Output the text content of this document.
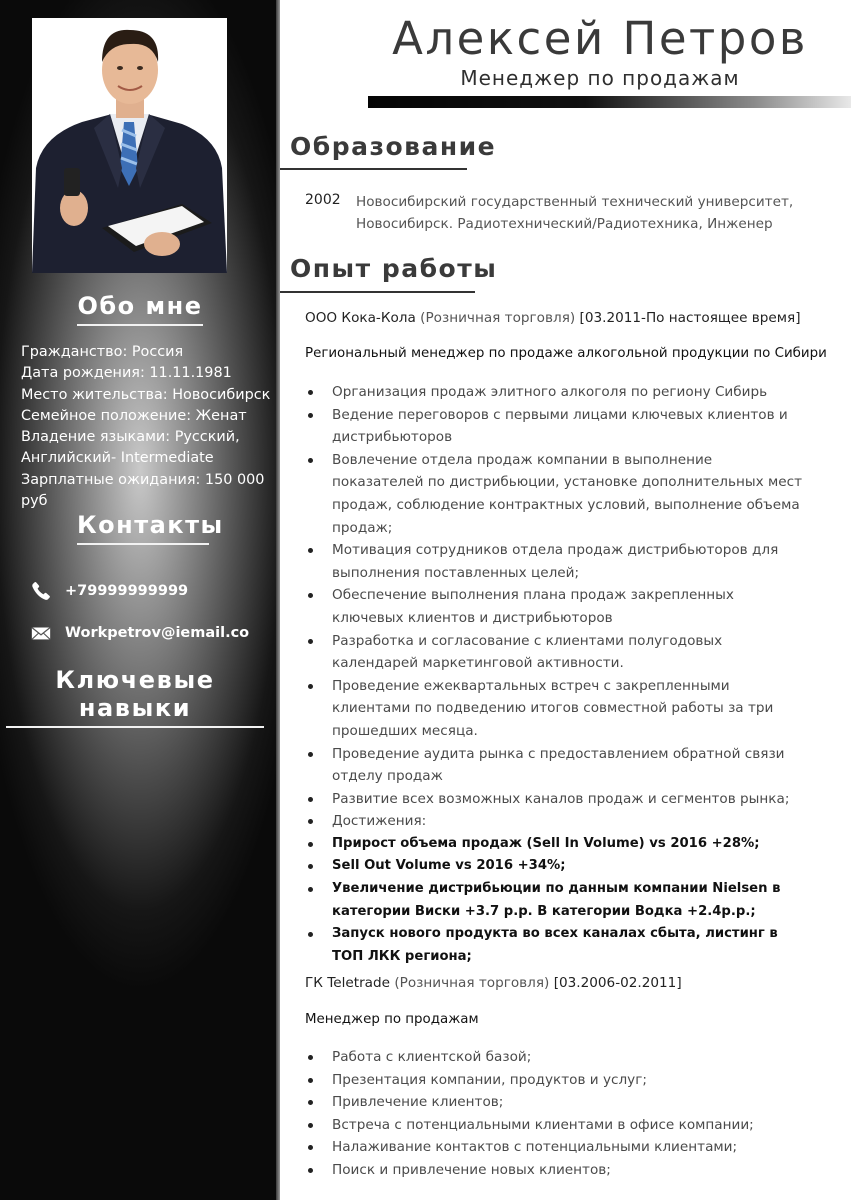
Обо мне
Гражданство: Россия
Дата рождения: 11.11.1981
Место жительства: Новосибирск
Семейное положение: Женат
Владение языками: Русский, Английский- Intermediate
Зарплатные ожидания: 150 000 руб
Контакты
+79999999999
Workpetrov@iemail.co
Ключевые навыки
Алексей Петров
Менеджер по продажам
Образование
2002 Новосибирский государственный технический университет, Новосибирск. Радиотехнический/Радиотехника, Инженер
Опыт работы
ООО Кока-Кола (Розничная торговля) [03.2011-По настоящее время]
Региональный менеджер по продаже алкогольной продукции по Сибири
Организация продаж элитного алкоголя по региону Сибирь
Ведение переговоров с первыми лицами ключевых клиентов и дистрибьюторов
Вовлечение отдела продаж компании в выполнение показателей по дистрибьюции, установке дополнительных мест продаж, соблюдение контрактных условий, выполнение объема продаж;
Мотивация сотрудников отдела продаж дистрибьюторов для выполнения поставленных целей;
Обеспечение выполнения плана продаж закрепленных ключевых клиентов и дистрибьюторов
Разработка и согласование с клиентами полугодовых календарей маркетинговой активности.
Проведение ежеквартальных встреч с закрепленными клиентами по подведению итогов совместной работы за три прошедших месяца.
Проведение аудита рынка с предоставлением обратной связи отделу продаж
Развитие всех возможных каналов продаж и сегментов рынка;
Достижения:
Прирост объема продаж (Sell In Volume) vs 2016 +28%;
Sell Out Volume vs 2016 +34%;
Увеличение дистрибьюции по данным компании Nielsen в категории Виски +3.7 р.р. В категории Водка +2.4р.р.;
Запуск нового продукта во всех каналах сбыта, листинг в ТОП ЛКК региона;
ГК Teletrade (Розничная торговля) [03.2006-02.2011]
Менеджер по продажам
Работа с клиентской базой;
Презентация компании, продуктов и услуг;
Привлечение клиентов;
Встреча с потенциальными клиентами в офисе компании;
Налаживание контактов с потенциальными клиентами;
Поиск и привлечение новых клиентов;
